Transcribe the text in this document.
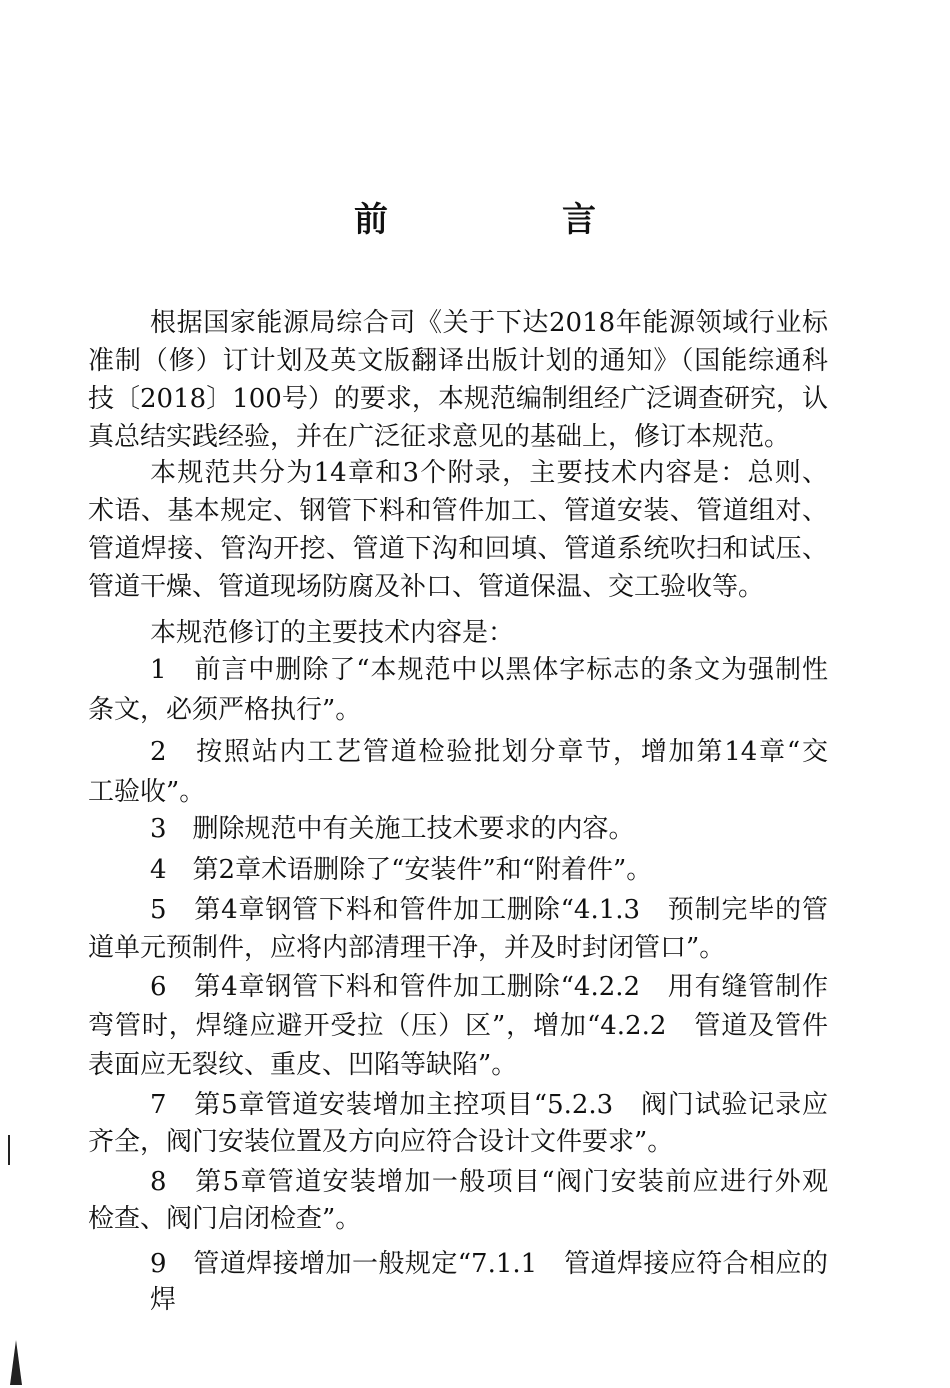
前　言
根据国家能源局综合司《关于下达2018年能源领域行业标
准制（修）订计划及英文版翻译出版计划的通知》（国能综通科
技〔2018〕100号）的要求，本规范编制组经广泛调查研究，认
真总结实践经验，并在广泛征求意见的基础上，修订本规范。
本规范共分为14章和3个附录，主要技术内容是：总则、
术语、基本规定、钢管下料和管件加工、管道安装、管道组对、
管道焊接、管沟开挖、管道下沟和回填、管道系统吹扫和试压、
管道干燥、管道现场防腐及补口、管道保温、交工验收等。
本规范修订的主要技术内容是：
1　前言中删除了“本规范中以黑体字标志的条文为强制性
条文，必须严格执行”。
2　按照站内工艺管道检验批划分章节，增加第14章“交
工验收”。
3　删除规范中有关施工技术要求的内容。
4　第2章术语删除了“安装件”和“附着件”。
5　第4章钢管下料和管件加工删除“4.1.3　预制完毕的管
道单元预制件，应将内部清理干净，并及时封闭管口”。
6　第4章钢管下料和管件加工删除“4.2.2　用有缝管制作
弯管时，焊缝应避开受拉（压）区”，增加“4.2.2　管道及管件
表面应无裂纹、重皮、凹陷等缺陷”。
7　第5章管道安装增加主控项目“5.2.3　阀门试验记录应
齐全，阀门安装位置及方向应符合设计文件要求”。
8　第5章管道安装增加一般项目“阀门安装前应进行外观
检查、阀门启闭检查”。
9　管道焊接增加一般规定“7.1.1　管道焊接应符合相应的焊
